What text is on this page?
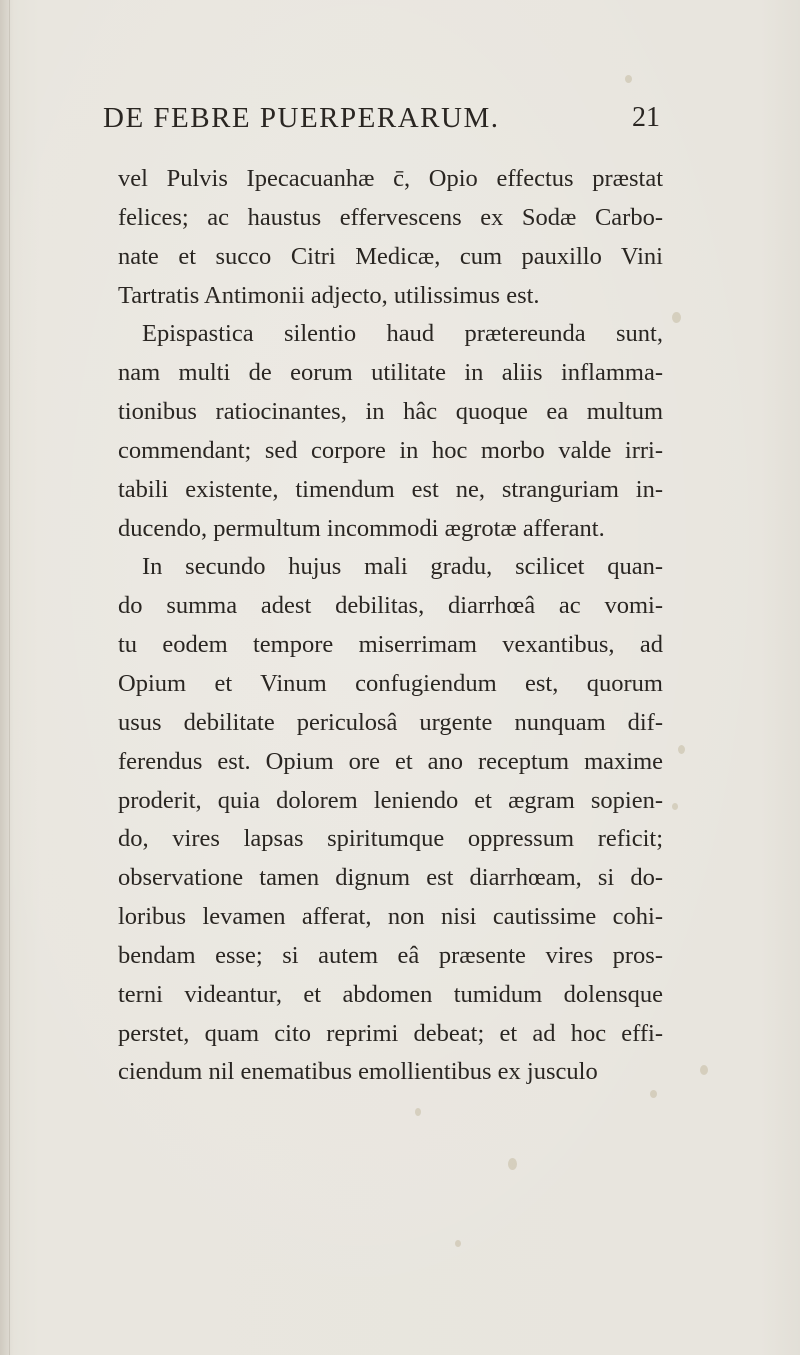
DE FEBRE PUERPERARUM.	21
vel Pulvis Ipecacuanhæ c̄, Opio effectus præstat
felices; ac haustus effervescens ex Sodæ Carbo-
nate et succo Citri Medicæ, cum pauxillo Vini
Tartratis Antimonii adjecto, utilissimus est.
Epispastica silentio haud prætereunda sunt,
nam multi de eorum utilitate in aliis inflamma-
tionibus ratiocinantes, in hâc quoque ea multum
commendant; sed corpore in hoc morbo valde irri-
tabili existente, timendum est ne, stranguriam in-
ducendo, permultum incommodi ægrotæ afferant.
In secundo hujus mali gradu, scilicet quan-
do summa adest debilitas, diarrhœâ ac vomi-
tu eodem tempore miserrimam vexantibus, ad
Opium et Vinum confugiendum est, quorum
usus debilitate periculosâ urgente nunquam dif-
ferendus est. Opium ore et ano receptum maxime
proderit, quia dolorem leniendo et ægram sopien-
do, vires lapsas spiritumque oppressum reficit;
observatione tamen dignum est diarrhœam, si do-
loribus levamen afferat, non nisi cautissime cohi-
bendam esse; si autem eâ præsente vires pros-
terni videantur, et abdomen tumidum dolensque
perstet, quam cito reprimi debeat; et ad hoc effi-
ciendum nil enematibus emollientibus ex jusculo
